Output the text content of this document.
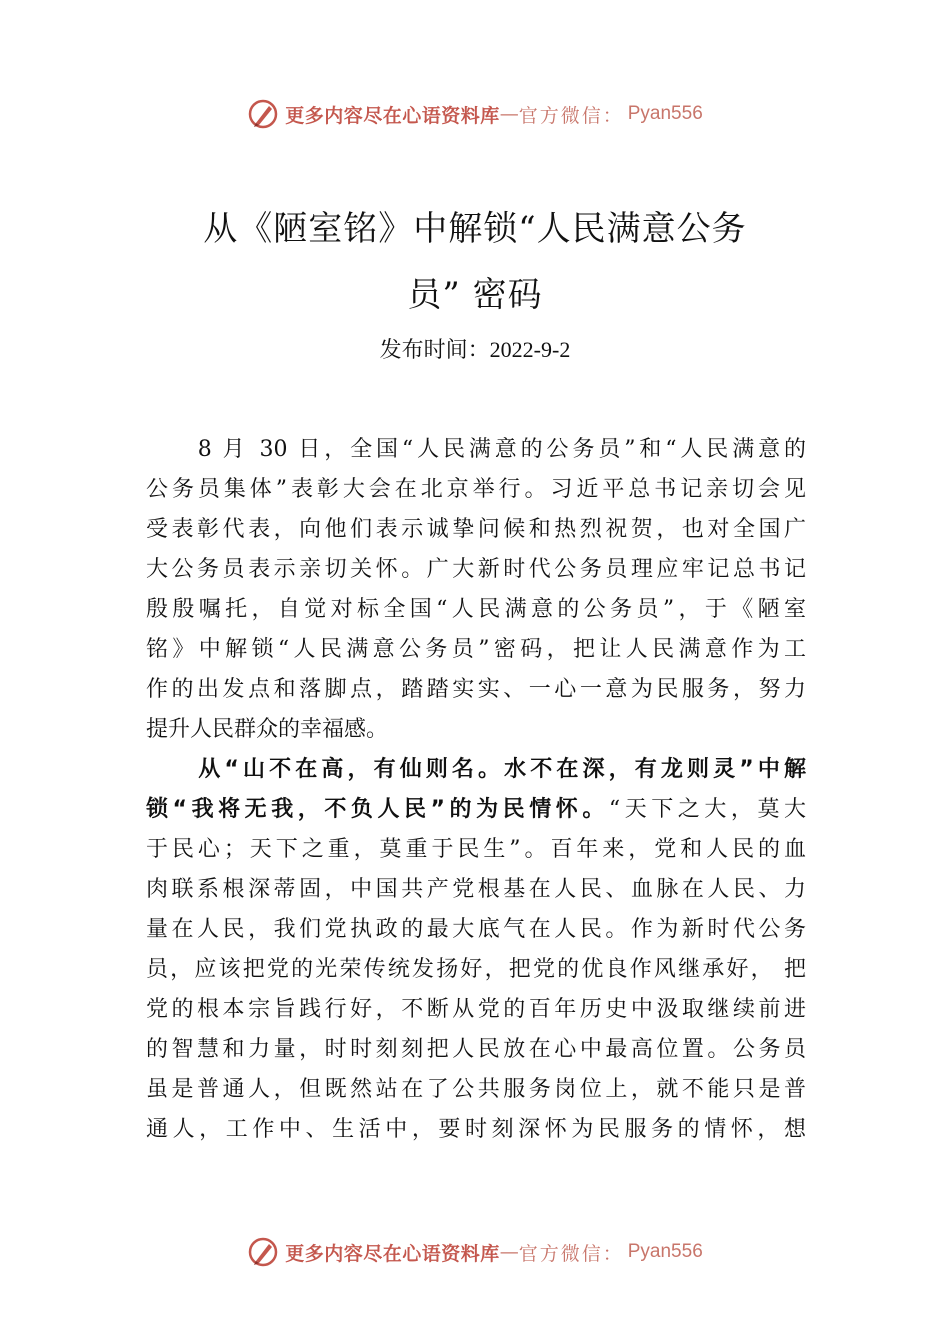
更多内容尽在心语资料库 — 官方微信： Pyan556
从《陋室铭》中解锁“人民满意公务
员” 密码
发布时间：2022-9-2
　　8 月 30 日，全国“人民满意的公务员”和“人民满意的
公务员集体”表彰大会在北京举行。习近平总书记亲切会见
受表彰代表，向他们表示诚挚问候和热烈祝贺，也对全国广
大公务员表示亲切关怀。广大新时代公务员理应牢记总书记
殷殷嘱托，自觉对标全国“人民满意的公务员”，于《陋室
铭》中解锁“人民满意公务员”密码，把让人民满意作为工
作的出发点和落脚点，踏踏实实、一心一意为民服务，努力
提升人民群众的幸福感。
　　从“山不在高，有仙则名。水不在深，有龙则灵”中解
锁“我将无我，不负人民”的为民情怀。“天下之大，莫大
于民心；天下之重，莫重于民生”。百年来，党和人民的血
肉联系根深蒂固，中国共产党根基在人民、血脉在人民、力
量在人民，我们党执政的最大底气在人民。作为新时代公务
员，应该把党的光荣传统发扬好，把党的优良作风继承好， 把
党的根本宗旨践行好，不断从党的百年历史中汲取继续前进
的智慧和力量，时时刻刻把人民放在心中最高位置。公务员
虽是普通人，但既然站在了公共服务岗位上，就不能只是普
通人，工作中、生活中，要时刻深怀为民服务的情怀，想
更多内容尽在心语资料库 — 官方微信： Pyan556
